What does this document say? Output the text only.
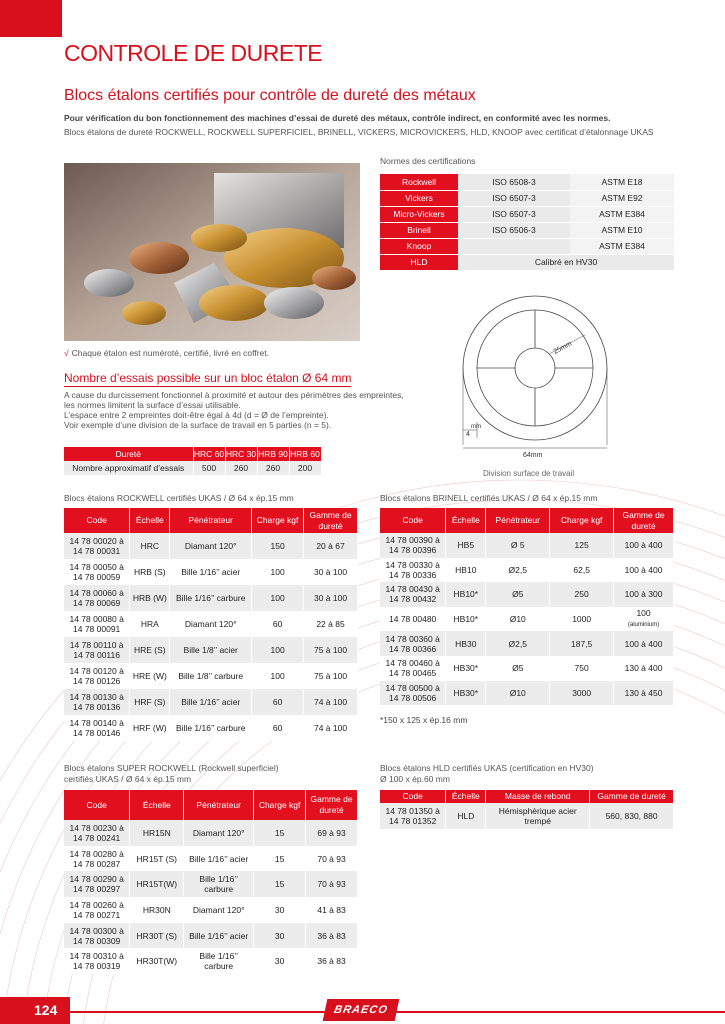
CONTROLE DE DURETE
Blocs étalons certifiés pour contrôle de dureté des métaux
Pour vérification du bon fonctionnement des machines d’essai de dureté des métaux, contrôle indirect, en conformité avec les normes.
Blocs étalons de dureté ROCKWELL, ROCKWELL SUPERFICIEL, BRINELL, VICKERS, MICROVICKERS, HLD, KNOOP avec certificat d’étalonnage UKAS
√ Chaque étalon est numéroté, certifié, livré en coffret.
Normes des certifications
Rockwell	ISO 6508-3	ASTM E18
Vickers	ISO 6507-3	ASTM E92
Micro-Vickers	ISO 6507-3	ASTM E384
Brinell	ISO 6506-3	ASTM E10
Knoop		ASTM E384
HLD	Calibré en HV30	
Nombre d’essais possible sur un bloc étalon Ø 64 mm
A cause du durcissement fonctionnel à proximité et autour des périmètres des empreintes,
les normes limitent la surface d’essai utilisable.
L’espace entre 2 empreintes doit-être égal à 4d (d = Ø de l’empreinte).
Voir exemple d’une division de la surface de travail en 5 parties (n = 5).
25mm
4
mm
64mm
Division surface de travail
Dureté	HRC 60	HRC 30	HRB 90	HRB 60
Nombre approximatif d’essais	500	260	260	200
Blocs étalons ROCKWELL certifiés UKAS / Ø 64 x ép.15 mm
Code	Échelle	Pénétrateur	Charge kgf	Gamme de dureté
14 78 00020 à 14 78 00031	HRC	Diamant 120°	150	20 à 67
14 78 00050 à 14 78 00059	HRB (S)	Bille 1/16’’ acier	100	30 à 100
14 78 00060 à 14 78 00069	HRB (W)	Bille 1/16’’ carbure	100	30 à 100
14 78 00080 à 14 78 00091	HRA	Diamant 120°	60	22 à 85
14 78 00110 à 14 78 00116	HRE (S)	Bille 1/8’’ acier	100	75 à 100
14 78 00120 à 14 78 00126	HRE (W)	Bille 1/8’’ carbure	100	75 à 100
14 78 00130 à 14 78 00136	HRF (S)	Bille 1/16’’ acier	60	74 à 100
14 78 00140 à 14 78 00146	HRF (W)	Bille 1/16’’ carbure	60	74 à 100
Blocs étalons BRINELL certifiés UKAS / Ø 64 x ép.15 mm
Code	Échelle	Pénétrateur	Charge kgf	Gamme de dureté
14 78 00390 à 14 78 00396	HB5	Ø 5	125	100 à 400
14 78 00330 à 14 78 00336	HB10	Ø2,5	62,5	100 à 400
14 78 00430 à 14 78 00432	HB10*	Ø5	250	100 à 300
14 78 00480	HB10*	Ø10	1000	100
(aluminium)
14 78 00360 à 14 78 00366	HB30	Ø2,5	187,5	100 à 400
14 78 00460 à 14 78 00465	HB30*	Ø5	750	130 à 400
14 78 00500 à 14 78 00506	HB30*	Ø10	3000	130 à 450
*150 x 125 x ép.16 mm
Blocs étalons SUPER ROCKWELL (Rockwell superficiel)
certifiés UKAS / Ø 64 x ép.15 mm
Code	Échelle	Pénétrateur	Charge kgf	Gamme de dureté
14 78 00230 à 14 78 00241	HR15N	Diamant 120°	15	69 à 93
14 78 00280 à 14 78 00287	HR15T (S)	Bille 1/16’’ acier	15	70 à 93
14 78 00290 à 14 78 00297	HR15T(W)	Bille 1/16’’ carbure	15	70 à 93
14 78 00260 à 14 78 00271	HR30N	Diamant 120°	30	41 à 83
14 78 00300 à 14 78 00309	HR30T (S)	Bille 1/16’’ acier	30	36 à 83
14 78 00310 à 14 78 00319	HR30T(W)	Bille 1/16’’ carbure	30	36 à 83
Blocs étalons HLD certifiés UKAS (certification en HV30)
Ø 100 x ép.60 mm
Code	Échelle	Masse de rebond	Gamme de dureté
14 78 01350 à 14 78 01352	HLD	Hémisphèrique acier trempé	560, 830, 880
124	BRAECO
